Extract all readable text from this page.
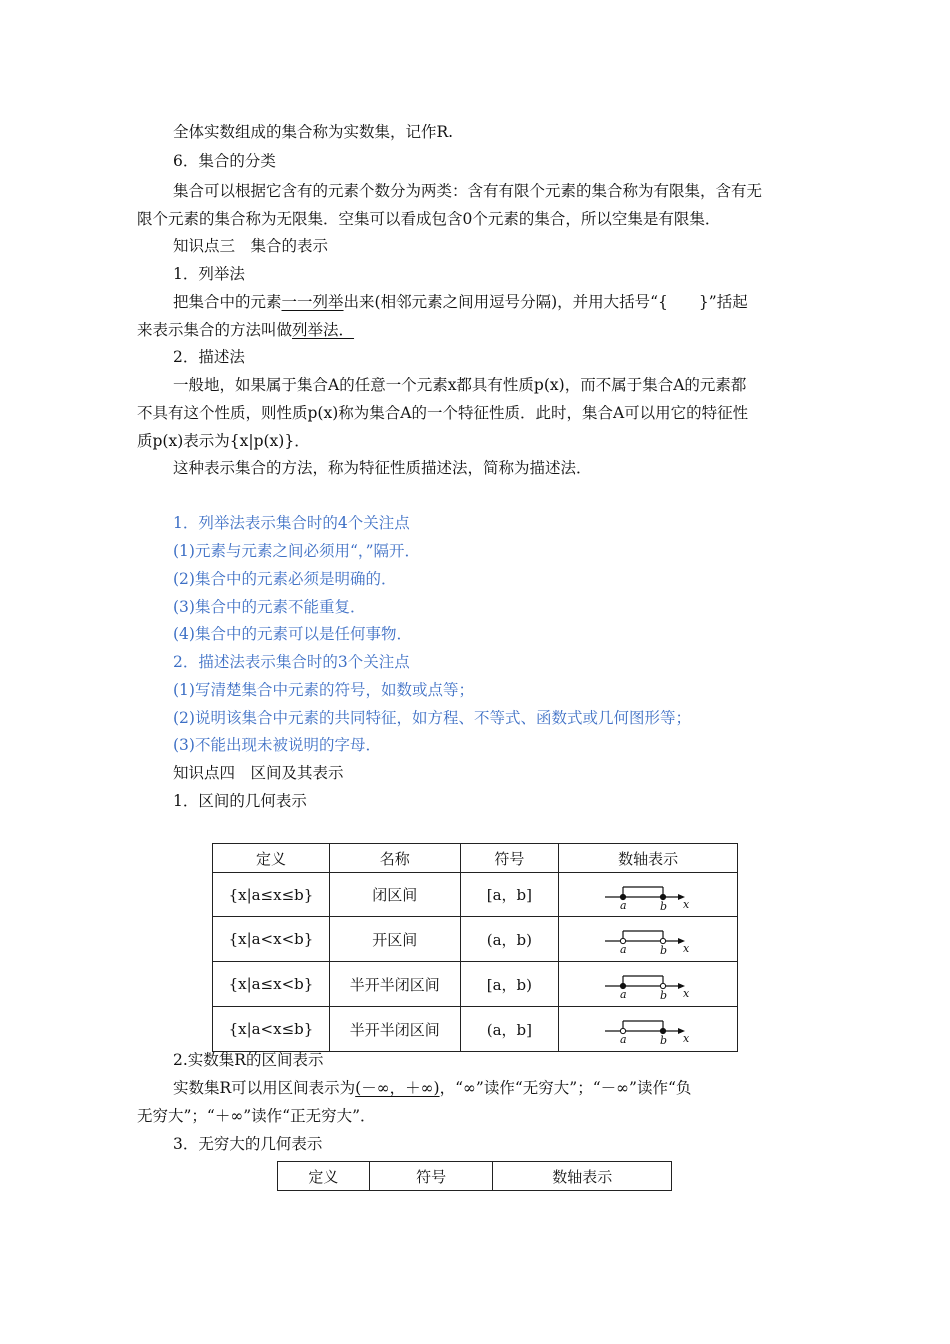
全体实数组成的集合称为实数集，记作R.
6．集合的分类
集合可以根据它含有的元素个数分为两类：含有有限个元素的集合称为有限集，含有无
限个元素的集合称为无限集．空集可以看成包含0个元素的集合，所以空集是有限集．
知识点三　集合的表示
1．列举法
把集合中的元素一一列举出来(相邻元素之间用逗号分隔)，并用大括号“{　　}”括起
来表示集合的方法叫做列举法．
2．描述法
一般地，如果属于集合A的任意一个元素x都具有性质p(x)，而不属于集合A的元素都
不具有这个性质，则性质p(x)称为集合A的一个特征性质．此时，集合A可以用它的特征性
质p(x)表示为{x|p(x)}．
这种表示集合的方法，称为特征性质描述法，简称为描述法．
1．列举法表示集合时的4个关注点
(1)元素与元素之间必须用“，”隔开．
(2)集合中的元素必须是明确的．
(3)集合中的元素不能重复．
(4)集合中的元素可以是任何事物．
2．描述法表示集合时的3个关注点
(1)写清楚集合中元素的符号，如数或点等；
(2)说明该集合中元素的共同特征，如方程、不等式、函数式或几何图形等；
(3)不能出现未被说明的字母．
知识点四　区间及其表示
1．区间的几何表示
定义	名称	符号	数轴表示
{x|a≤x≤b}	闭区间	[a，b]	a b x

{x|a<x<b}	开区间	(a，b)	a b x

{x|a≤x<b}	半开半闭区间	[a，b)	a b x

{x|a<x≤b}	半开半闭区间	(a，b]	a b x
2.实数集R的区间表示
实数集R可以用区间表示为(－∞，＋∞)，“∞”读作“无穷大”；“－∞”读作“负
无穷大”；“＋∞”读作“正无穷大”．
3．无穷大的几何表示
定义	符号	数轴表示
